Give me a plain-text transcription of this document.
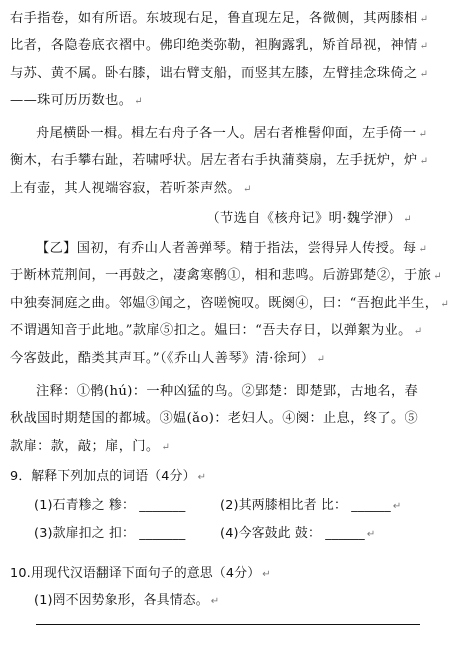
右手指卷，如有所语。东坡现右足，鲁直现左足，各微侧，其两膝相 ↵
比者，各隐卷底衣褶中。佛印绝类弥勒，袒胸露乳，矫首昂视，神情 ↵
与苏、黄不属。卧右膝，诎右臂支船，而竖其左膝，左臂挂念珠倚之 ↵
——珠可历历数也。 ↵
舟尾横卧一楫。楫左右舟子各一人。居右者椎髻仰面，左手倚一 ↵
衡木，右手攀右趾，若啸呼状。居左者右手执蒲葵扇，左手抚炉，炉 ↵
上有壶，其人视端容寂，若听茶声然。 ↵
（节选自《核舟记》明·魏学洢） ↵
【乙】国初，有乔山人者善弹琴。精于指法，尝得异人传授。每 ↵
于断林荒荆间，一再鼓之，凄禽寒鹘①，相和悲鸣。后游郢楚②，于旅 ↵
中独奏洞庭之曲。邻媪③闻之，咨嗟惋叹。既阕④，曰：“吾抱此半生， ↵
不谓遇知音于此地。”款扉⑤扣之。媪曰：“吾夫存日，以弹絮为业。 ↵
今客鼓此，酷类其声耳。”（《乔山人善琴》清·徐珂） ↵
注释：①鹘(hú)：一种凶猛的鸟。②郢楚：即楚郢，古地名，春
秋战国时期楚国的都城。③媪(ǎo)：老妇人。④阕：止息，终了。⑤
款扉：款，敲；扉，门。 ↵
9．解释下列加点的词语（4分） ↵
(1)石青糁之 糁： _______	(2)其两膝相比者 比： ______ ↵
(3)款扉扣之 扣： _______	(4)今客鼓此 鼓： ______ ↵
10.用现代汉语翻译下面句子的意思（4分） ↵
(1)罔不因势象形，各具情态。 ↵
